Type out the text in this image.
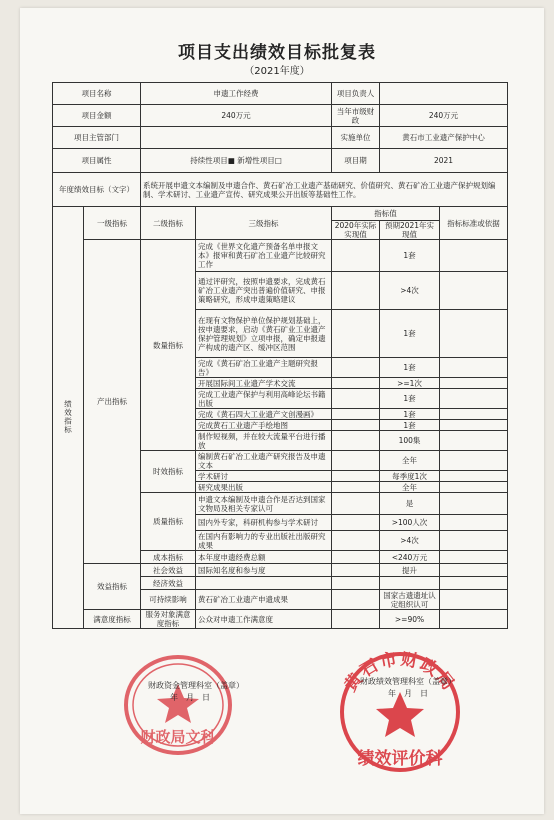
项目支出绩效目标批复表
（2021年度）
项目名称		申遗工作经费		项目负责人		
项目金额		240万元		当年市级财政	240万元	
项目主管部门				实施单位	黄石市工业遗产保护中心	
项目属性		持续性项目■ 新增性项目□		项目期	2021	
年度绩效目标（文字）		系统开展申遗文本编制及申遗合作、黄石矿冶工业遗产基础研究、价值研究、黄石矿冶工业遗产保护规划编制、学术研讨、工业遗产宣传、研究成果公开出版等基础性工作。				
绩效指标	一级指标	二级指标	三级指标	指标值		指标标准或依据
				2020年实际实现值	预期2021年实现值	
	产出指标	数量指标	完成《世界文化遗产预备名单申报文本》报审和黄石矿冶工业遗产比较研究工作		1套	
			通过评研究，按照申遗要求，完成黄石矿冶工业遗产突出普遍价值研究、申报策略研究，形成申遗策略建议		>4次	
			在现有文物保护单位保护规划基础上，按申遗要求，启动《黄石矿业工业遗产保护管理规划》立项申报，确定申报遗产构成的遗产区、缓冲区范围		1套	
			完成《黄石矿冶工业遗产主题研究报告》		1套	
			开展国际间工业遗产学术交流		>=1次	
			完成工业遗产保护与利用高峰论坛书籍出版		1套	
			完成《黄石四大工业遗产文创漫画》		1套	
			完成黄石工业遗产手绘地图		1套	
			制作短视频，并在较大流量平台进行播放		100集	
		时效指标	编制黄石矿冶工业遗产研究报告及申遗文本		全年	
			学术研讨		每季度1次	
			研究成果出版		全年	
		质量指标	申遗文本编制及申遗合作是否达到国家文物局及相关专家认可		是	
			国内外专家，科研机构参与学术研讨		>100人次	
			在国内有影响力的专业出版社出版研究成果		>4次	
		成本指标	本年度申遗经费总额		<240万元	
	效益指标	社会效益	国际知名度和参与度		提升	
		经济效益				
		可持续影响	黄石矿冶工业遗产申遗成果		国家古遗遗址认定组织认可	
	满意度指标	服务对象满意度指标	公众对申遗工作满意度		>=90%	
财政局文科
黄石市财政局
绩效评价科
财政资金管理科室（盖章）
年　月　日
财政绩效管理科室（盖章）
年　月　日
